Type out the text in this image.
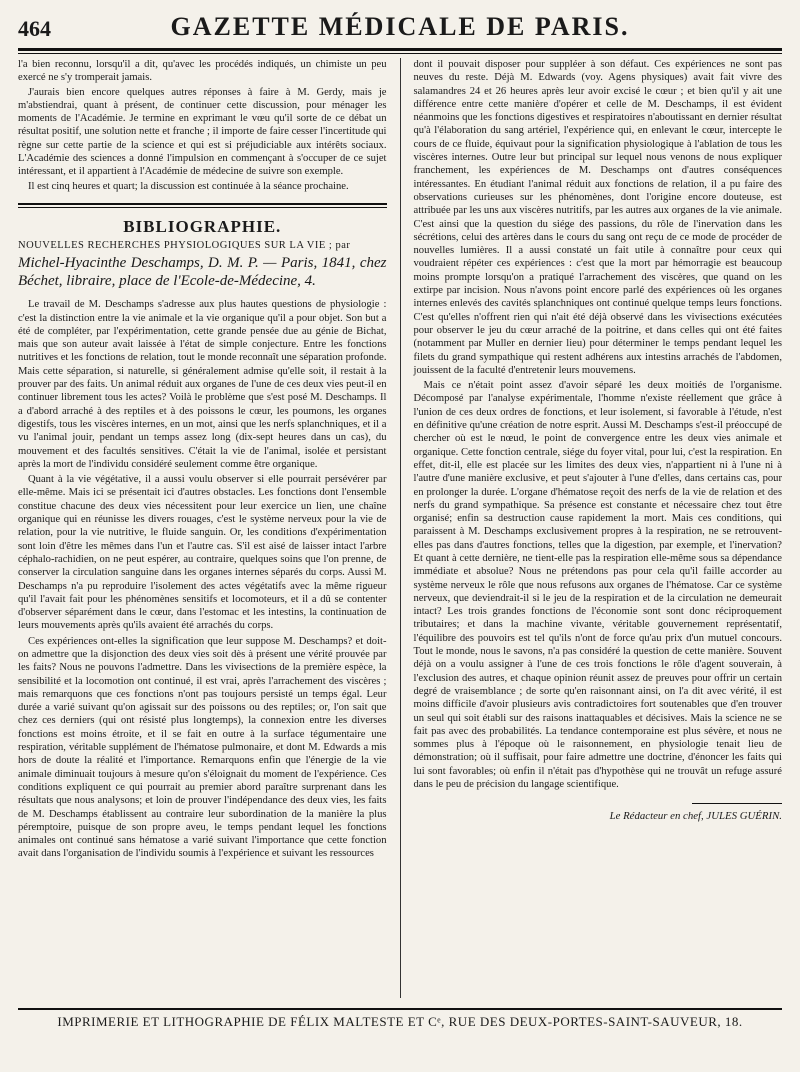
464	GAZETTE MÉDICALE DE PARIS.

l'a bien reconnu, lorsqu'il a dit, qu'avec les procédés indiqués, un chimiste un peu exercé ne s'y tromperait jamais.

J'aurais bien encore quelques autres réponses à faire à M. Gerdy, mais je m'abstiendrai, quant à présent, de continuer cette discussion, pour ménager les moments de l'Académie. Je termine en exprimant le vœu qu'il sorte de ce débat un résultat positif, une solution nette et franche ; il importe de faire cesser l'incertitude qui règne sur cette partie de la science et qui est si préjudiciable aux intérêts sociaux. L'Académie des sciences a donné l'impulsion en commençant à s'occuper de ce sujet intéressant, et il appartient à l'Académie de médecine de suivre son exemple.

Il est cinq heures et quart; la discussion est continuée à la séance prochaine.

BIBLIOGRAPHIE.

NOUVELLES RECHERCHES PHYSIOLOGIQUES SUR LA VIE ; par

Michel-Hyacinthe Deschamps, D. M. P. — Paris, 1841, chez Béchet, libraire, place de l'Ecole-de-Médecine, 4.

Le travail de M. Deschamps s'adresse aux plus hautes questions de physiologie : c'est la distinction entre la vie animale et la vie organique qu'il a pour objet. Son but a été de compléter, par l'expérimentation, cette grande pensée due au génie de Bichat, mais que son auteur avait laissée à l'état de simple conjecture. Entre les fonctions nutritives et les fonctions de relation, tout le monde reconnaît une séparation profonde. Mais cette séparation, si naturelle, si généralement admise qu'elle soit, il restait à la prouver par des faits. Un animal réduit aux organes de l'une de ces deux vies peut-il en continuer librement tous les actes? Voilà le problème que s'est posé M. Deschamps. Il a d'abord arraché à des reptiles et à des poissons le cœur, les poumons, les organes digestifs, tous les viscères internes, en un mot, ainsi que les nerfs splanchniques, et il a vu l'animal jouir, pendant un temps assez long (dix-sept heures dans un cas), du mouvement et des facultés sensitives. C'était la vie de l'animal, isolée et persistant après la mort de l'individu considéré seulement comme être organique.

Quant à la vie végétative, il a aussi voulu observer si elle pourrait persévérer par elle-même. Mais ici se présentait ici d'autres obstacles. Les fonctions dont l'ensemble constitue chacune des deux vies nécessitent pour leur exercice un lien, une chaîne organique qui en réunisse les divers rouages, c'est le système nerveux pour la vie de relation, pour la vie nutritive, le fluide sanguin. Or, les conditions d'expérimentation sont loin d'être les mêmes dans l'un et l'autre cas. S'il est aisé de laisser intact l'arbre céphalo-rachidien, on ne peut espérer, au contraire, quelques soins que l'on prenne, de conserver la circulation sanguine dans les organes internes séparés du corps. Aussi M. Deschamps n'a pu reproduire l'isolement des actes végétatifs avec la même rigueur qu'il l'avait fait pour les phénomènes sensitifs et locomoteurs, et il a dû se contenter d'observer séparément dans le cœur, dans l'estomac et les intestins, la continuation de leurs mouvements après qu'ils avaient été arrachés du corps.

Ces expériences ont-elles la signification que leur suppose M. Deschamps? et doit-on admettre que la disjonction des deux vies soit dès à présent une vérité prouvée par les faits? Nous ne pouvons l'admettre. Dans les vivisections de la première espèce, la sensibilité et la locomotion ont continué, il est vrai, après l'arrachement des viscères ; mais remarquons que ces fonctions n'ont pas toujours persisté un temps égal. Leur durée a varié suivant qu'on agissait sur des poissons ou des reptiles; or, l'on sait que chez ces derniers (qui ont résisté plus longtemps), la connexion entre les diverses fonctions est moins étroite, et il se fait en outre à la surface tégumentaire une respiration, véritable supplément de l'hématose pulmonaire, et dont M. Edwards a mis hors de doute la réalité et l'importance. Remarquons enfin que l'énergie de la vie animale diminuait toujours à mesure qu'on s'éloignait du moment de l'expérience. Ces conditions expliquent ce qui pourrait au premier abord paraître surprenant dans les résultats que nous analysons; et loin de prouver l'indépendance des deux vies, les faits de M. Deschamps établissent au contraire leur subordination de la manière la plus péremptoire, puisque de son propre aveu, le temps pendant lequel les fonctions animales ont continué sans hématose a varié suivant l'importance que cette fonction avait dans l'organisation de l'individu soumis à l'expérience et suivant les ressources

dont il pouvait disposer pour suppléer à son défaut. Ces expériences ne sont pas neuves du reste. Déjà M. Edwards (voy. Agens physiques) avait fait vivre des salamandres 24 et 26 heures après leur avoir excisé le cœur ; et bien qu'il y ait une différence entre cette manière d'opérer et celle de M. Deschamps, il est évident néanmoins que les fonctions digestives et respiratoires n'aboutissant en dernier résultat qu'à l'élaboration du sang artériel, l'expérience qui, en enlevant le cœur, intercepte le cours de ce fluide, équivaut pour la signification physiologique à l'ablation de tous les viscères internes. Outre leur but principal sur lequel nous venons de nous expliquer franchement, les expériences de M. Deschamps ont d'autres conséquences intéressantes. En étudiant l'animal réduit aux fonctions de relation, il a pu faire des observations curieuses sur les phénomènes, dont l'origine encore douteuse, est attribuée par les uns aux viscères nutritifs, par les autres aux organes de la vie animale. C'est ainsi que la question du siége des passions, du rôle de l'inervation dans les sécrétions, celui des artères dans le cours du sang ont reçu de ce mode de procéder de nouvelles lumières. Il a aussi constaté un fait utile à connaître pour ceux qui voudraient répéter ces expériences : c'est que la mort par hémorragie est beaucoup moins prompte lorsqu'on a pratiqué l'arrachement des viscères, que quand on les extirpe par incision. Nous n'avons point encore parlé des expériences où les organes internes enlevés des cavités splanchniques ont continué quelque temps leurs fonctions. C'est qu'elles n'offrent rien qui n'ait été déjà observé dans les vivisections exécutées pour observer le jeu du cœur arraché de la poitrine, et dans celles qui ont été faites (notamment par Muller en dernier lieu) pour déterminer le temps pendant lequel les filets du grand sympathique qui restent adhérens aux intestins arrachés de l'abdomen, jouissent de la faculté d'entretenir leurs mouvemens.

Mais ce n'était point assez d'avoir séparé les deux moitiés de l'organisme. Décomposé par l'analyse expérimentale, l'homme n'existe réellement que grâce à l'union de ces deux ordres de fonctions, et leur isolement, si favorable à l'étude, n'est en définitive qu'une création de notre esprit. Aussi M. Deschamps s'est-il préoccupé de chercher où est le nœud, le point de convergence entre les deux vies animale et organique. Cette fonction centrale, siége du foyer vital, pour lui, c'est la respiration. En effet, dit-il, elle est placée sur les limites des deux vies, n'appartient ni à l'une ni à l'autre d'une manière exclusive, et peut s'ajouter à l'une d'elles, dans certains cas, pour en prolonger la durée. L'organe d'hématose reçoit des nerfs de la vie de relation et des nerfs du grand sympathique. Sa présence est constante et nécessaire chez tout être organisé; enfin sa destruction cause rapidement la mort. Mais ces conditions, qui paraissent à M. Deschamps exclusivement propres à la respiration, ne se retrouvent-elles pas dans d'autres fonctions, telles que la digestion, par exemple, et l'inervation? Et quant à cette dernière, ne tient-elle pas la respiration elle-même sous sa dépendance immédiate et absolue? Nous ne prétendons pas pour cela qu'il faille accorder au système nerveux le rôle que nous refusons aux organes de l'hématose. Car ce système nerveux, que deviendrait-il si le jeu de la respiration et de la circulation ne demeurait intact? Les trois grandes fonctions de l'économie sont sont donc réciproquement tributaires; et dans la machine vivante, véritable gouvernement représentatif, l'équilibre des pouvoirs est tel qu'ils n'ont de force qu'au prix d'un mutuel concours. Tout le monde, nous le savons, n'a pas considéré la question de cette manière. Souvent déjà on a voulu assigner à l'une de ces trois fonctions le rôle d'agent souverain, à l'exclusion des autres, et chaque opinion réunit assez de preuves pour offrir un certain degré de vraisemblance ; de sorte qu'en raisonnant ainsi, on l'a dit avec vérité, il est moins difficile d'avoir plusieurs avis contradictoires fort soutenables que d'en trouver un seul qui soit établi sur des raisons inattaquables et décisives. Mais la science ne se fait pas avec des probabilités. La tendance contemporaine est plus sévère, et nous ne sommes plus à l'époque où le raisonnement, en physiologie tenait lieu de démonstration; où il suffisait, pour faire admettre une doctrine, d'énoncer les faits qui lui sont favorables; où enfin il n'était pas d'hypothèse qui ne trouvât un refuge assuré dans le peu de précision du langage scientifique.

Le Rédacteur en chef, JULES GUÉRIN.
IMPRIMERIE ET LITHOGRAPHIE DE FÉLIX MALTESTE ET Cᵉ, RUE DES DEUX-PORTES-SAINT-SAUVEUR, 18.
